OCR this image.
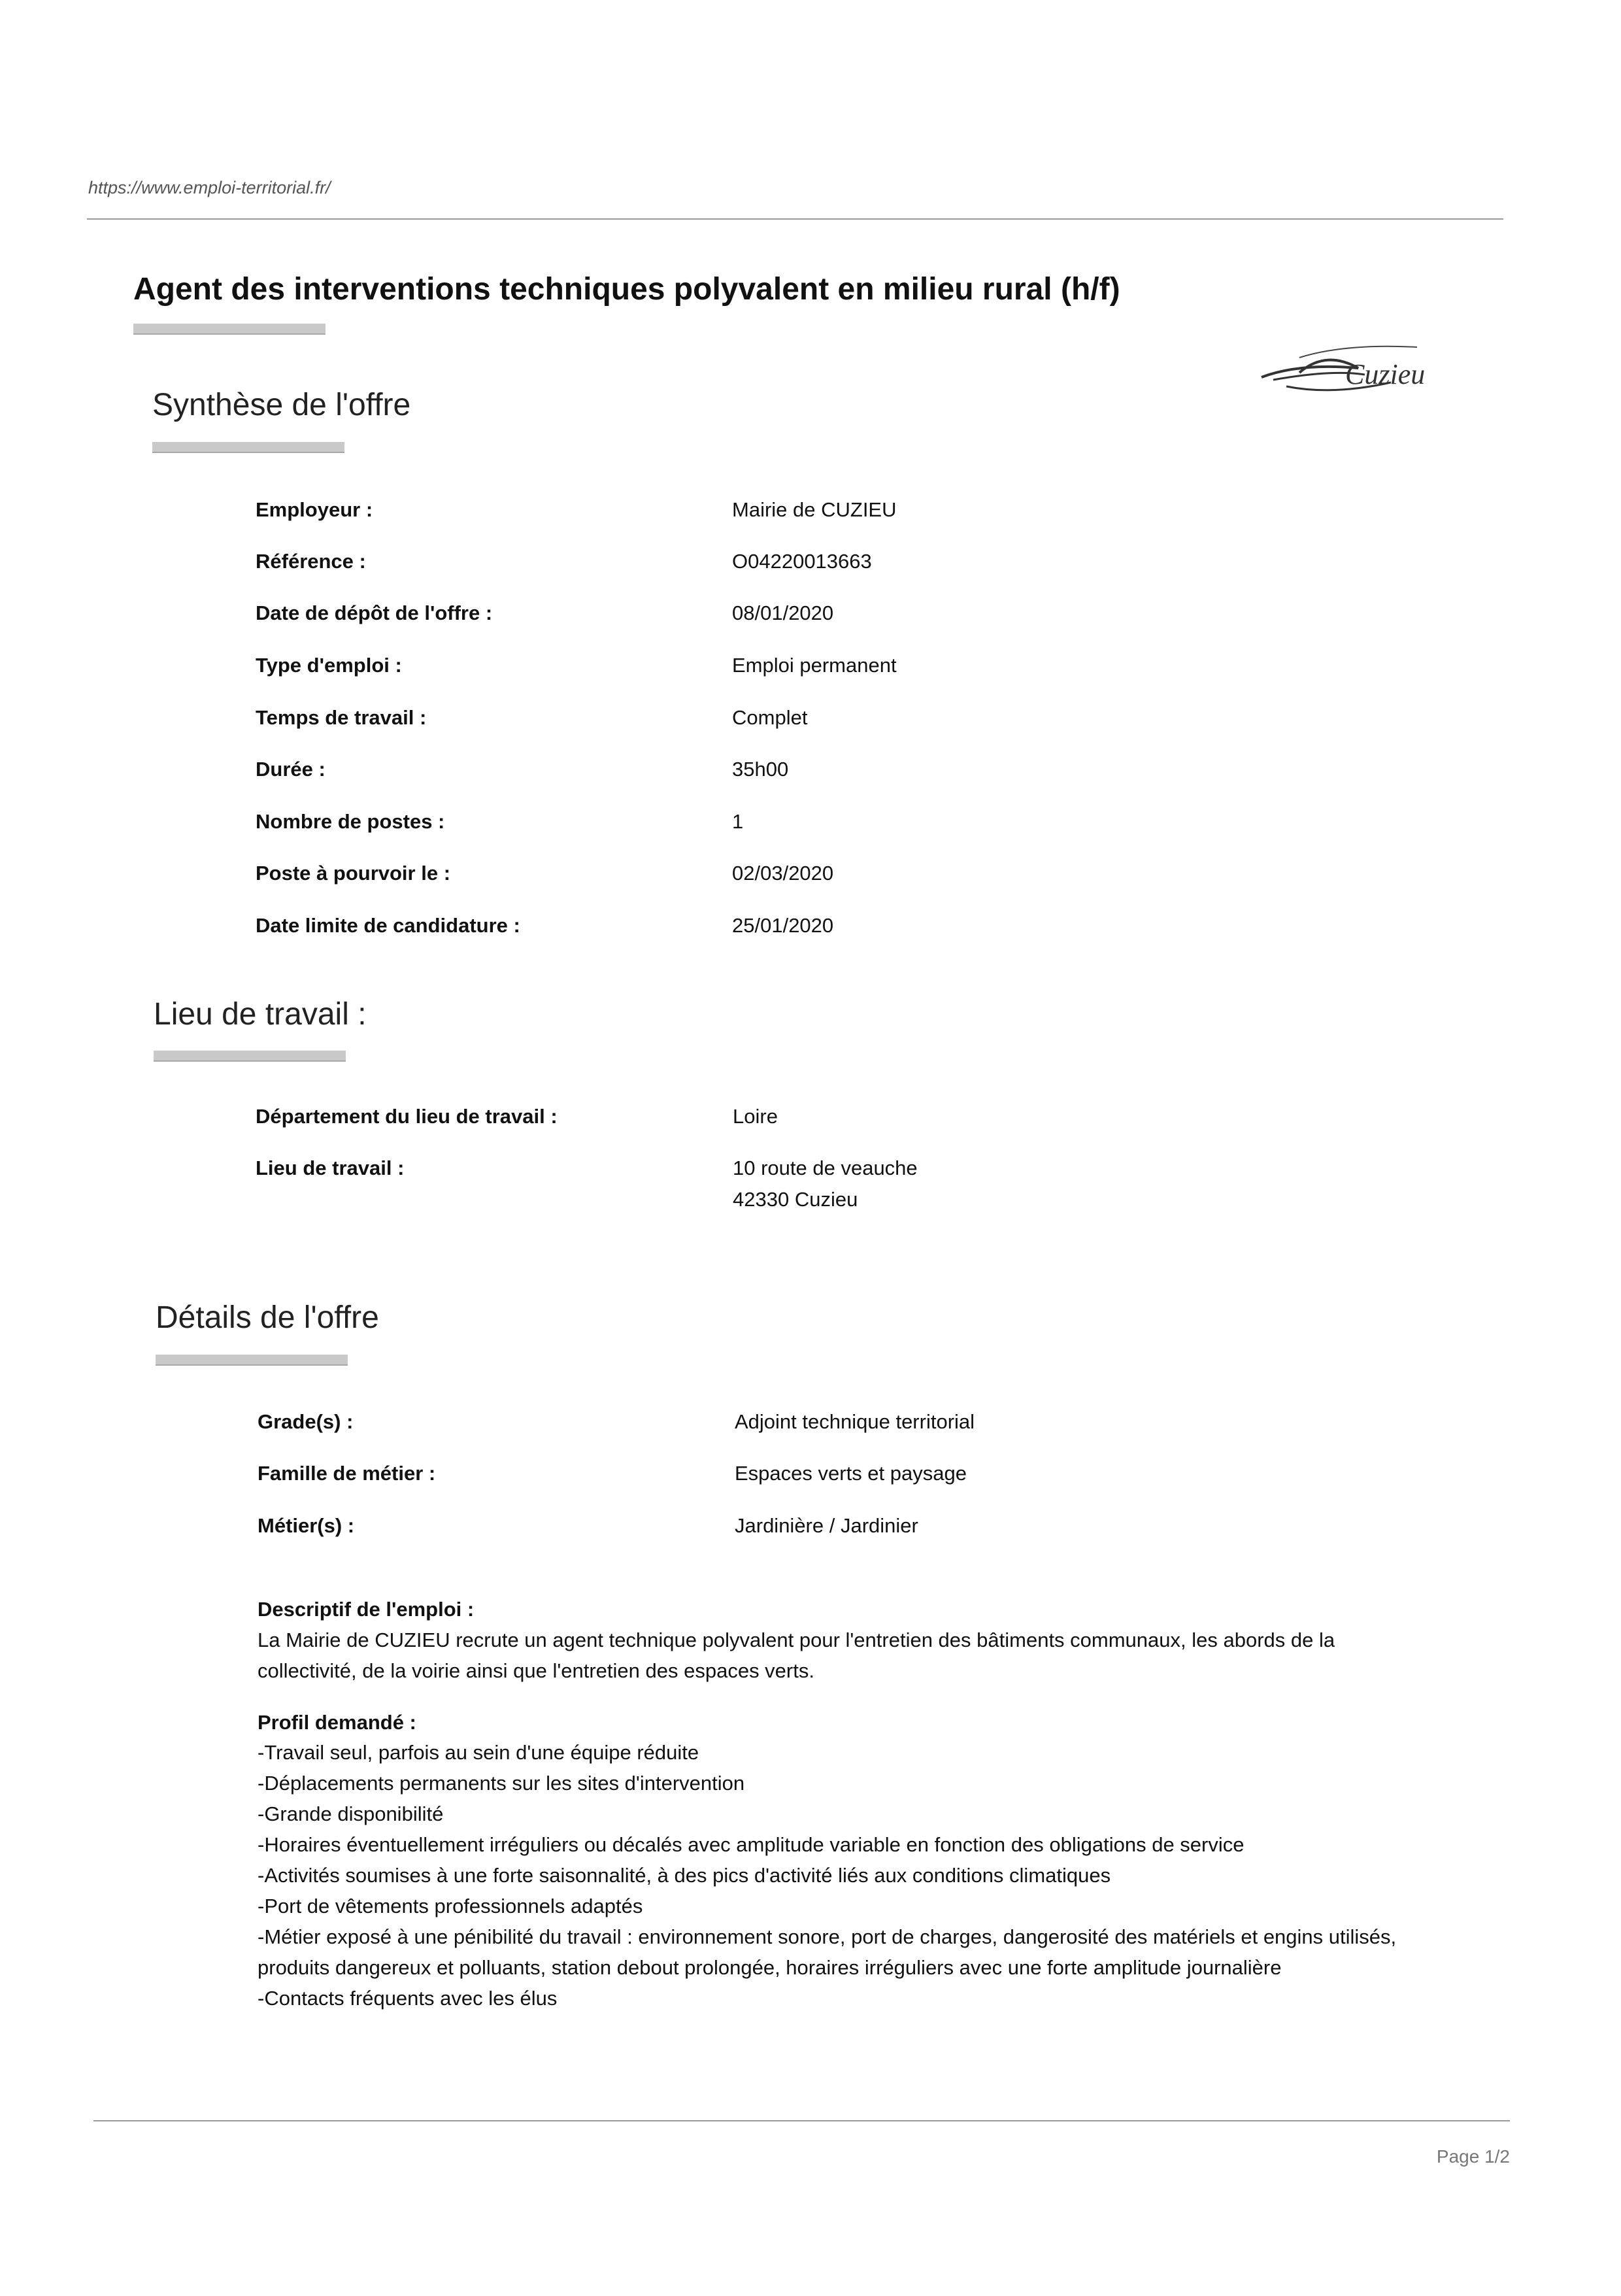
https://www.emploi-territorial.fr/
Agent des interventions techniques polyvalent en milieu rural (h/f)
Cuzieu
Synthèse de l'offre
Employeur :	Mairie de CUZIEU
Référence :	O04220013663
Date de dépôt de l'offre :	08/01/2020
Type d'emploi :	Emploi permanent
Temps de travail :	Complet
Durée :	35h00
Nombre de postes :	1
Poste à pourvoir le :	02/03/2020
Date limite de candidature :	25/01/2020
Lieu de travail :
Département du lieu de travail :	Loire
Lieu de travail :	10 route de veauche
42330 Cuzieu
Détails de l'offre
Grade(s) :	Adjoint technique territorial
Famille de métier :	Espaces verts et paysage
Métier(s) :	Jardinière / Jardinier
Descriptif de l'emploi :
La Mairie de CUZIEU recrute un agent technique polyvalent pour l'entretien des bâtiments communaux, les abords de la
collectivité, de la voirie ainsi que l'entretien des espaces verts.
Profil demandé :
-Travail seul, parfois au sein d'une équipe réduite
-Déplacements permanents sur les sites d'intervention
-Grande disponibilité
-Horaires éventuellement irréguliers ou décalés avec amplitude variable en fonction des obligations de service
-Activités soumises à une forte saisonnalité, à des pics d'activité liés aux conditions climatiques
-Port de vêtements professionnels adaptés
-Métier exposé à une pénibilité du travail : environnement sonore, port de charges, dangerosité des matériels et engins utilisés,
produits dangereux et polluants, station debout prolongée, horaires irréguliers avec une forte amplitude journalière
-Contacts fréquents avec les élus
Page 1/2
